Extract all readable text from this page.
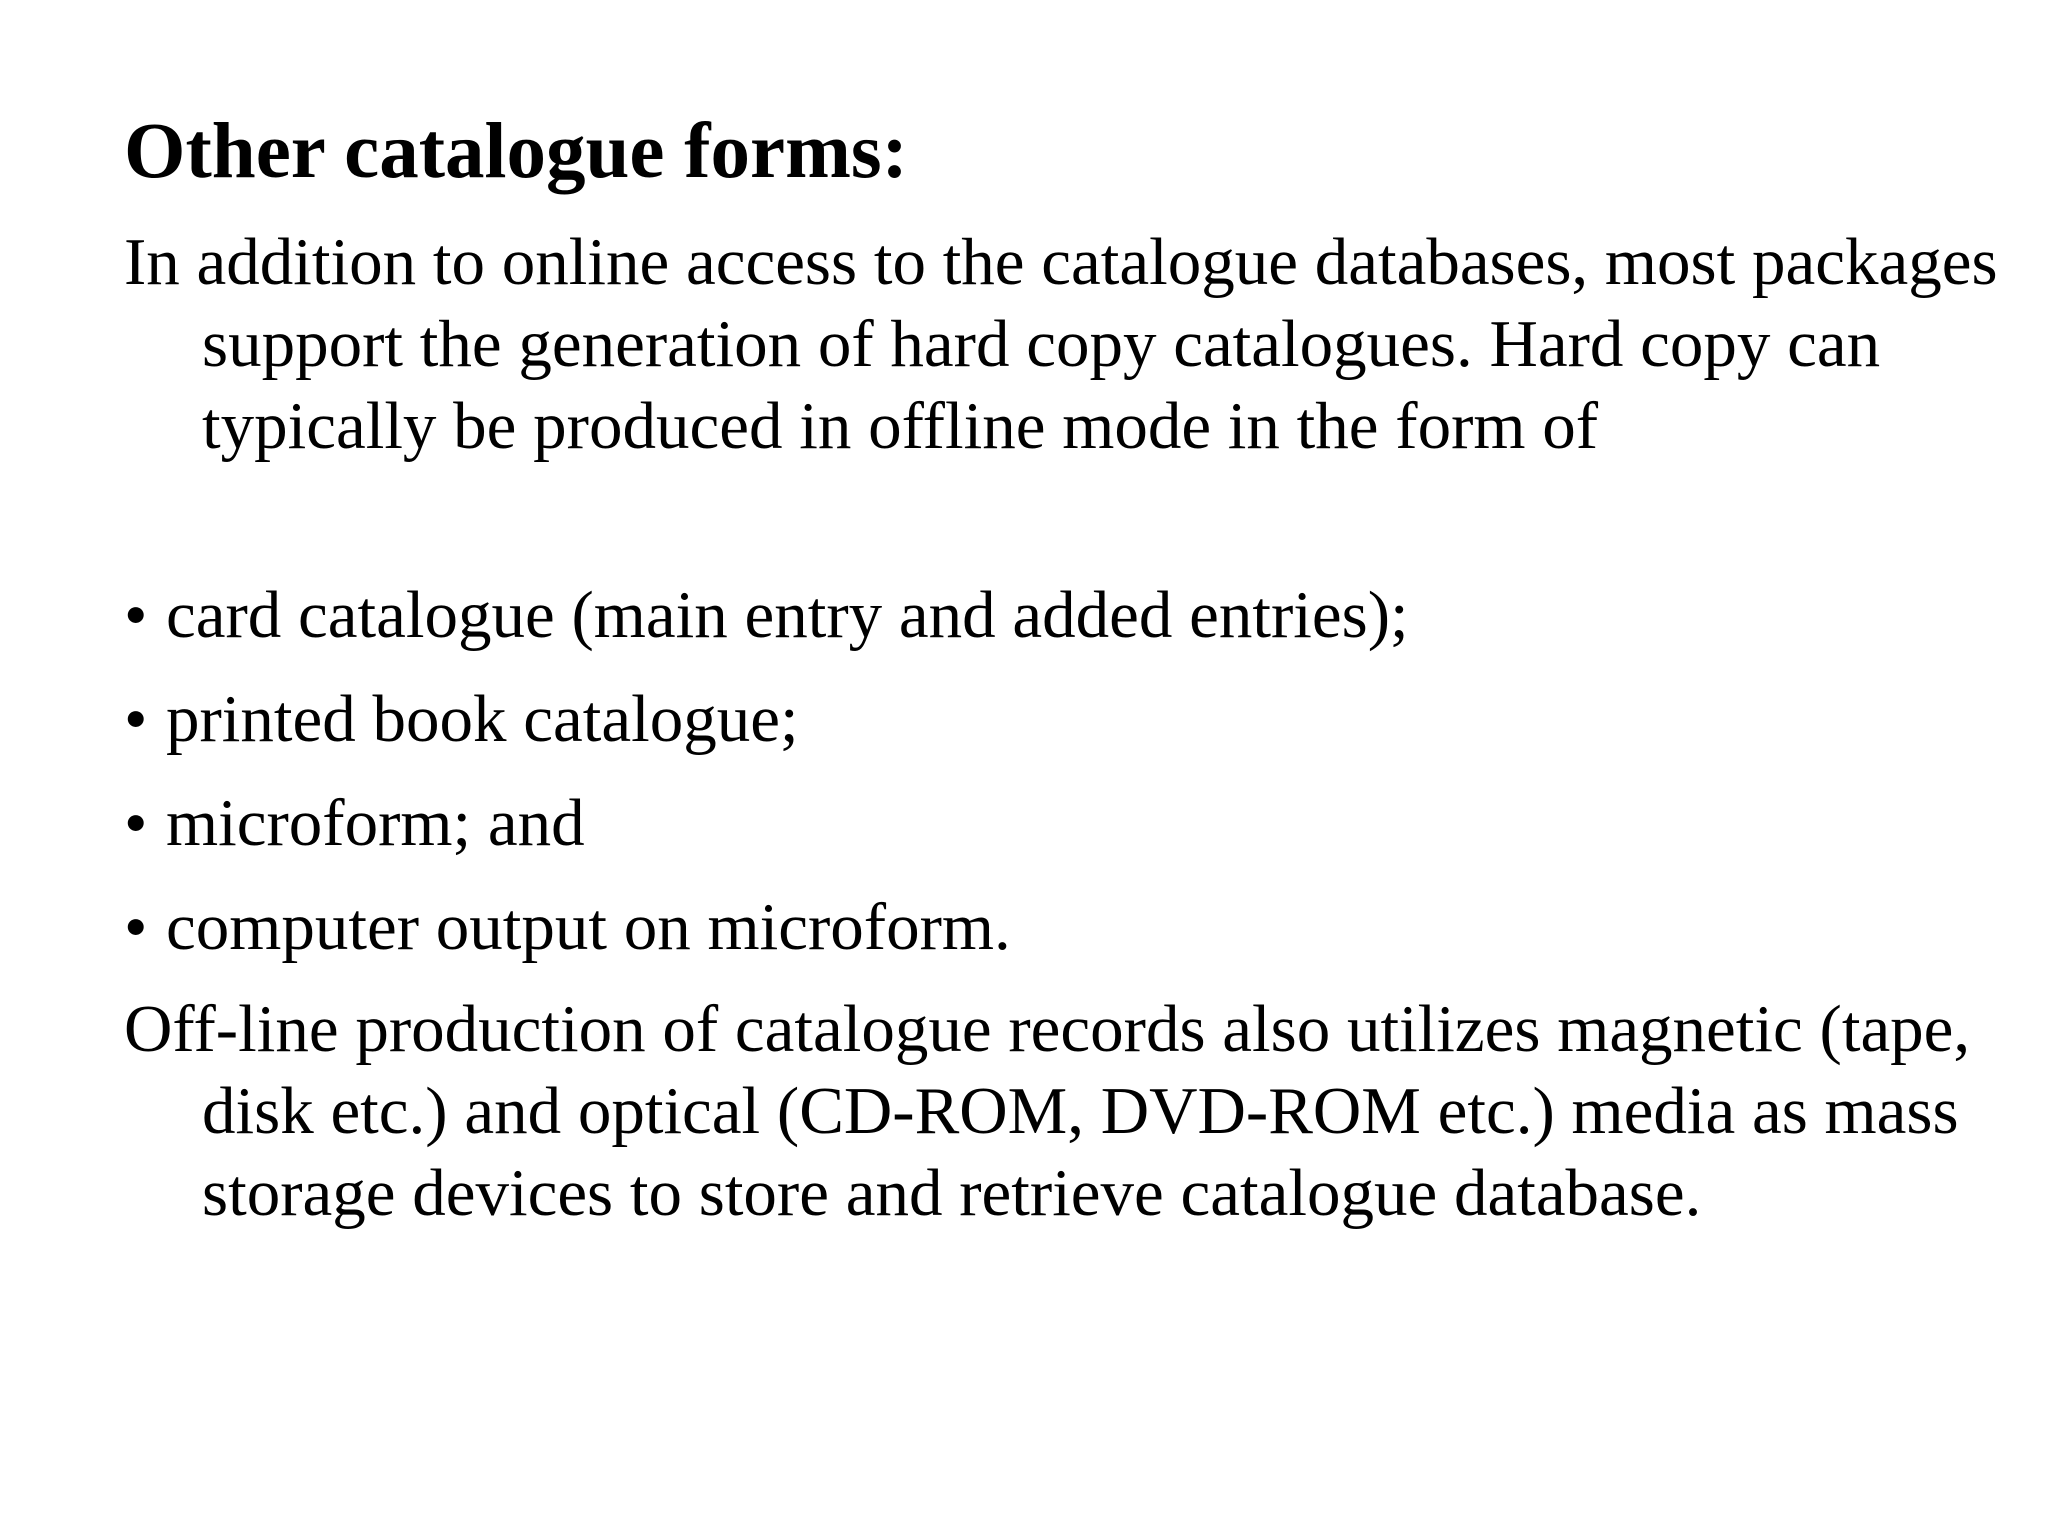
Other catalogue forms:

In addition to online access to the catalogue databases, most packages support the generation of hard copy catalogues. Hard copy can typically be produced in offline mode in the form of

• card catalogue (main entry and added entries);
• printed book catalogue;
• microform; and
• computer output on microform.

Off-line production of catalogue records also utilizes magnetic (tape, disk etc.) and optical (CD-ROM, DVD-ROM etc.) media as mass storage devices to store and retrieve catalogue database.
